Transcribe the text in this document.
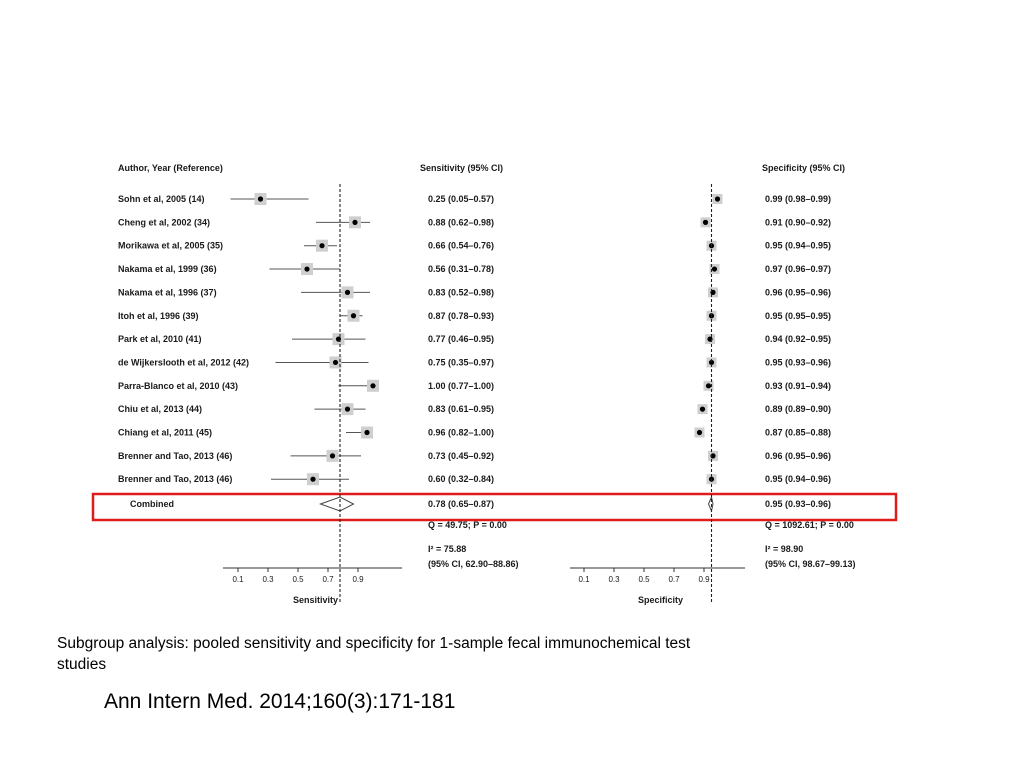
Author, Year (Reference)	Sensitivity (95% CI)	Specificity (95% CI)
Sohn et al, 2005 (14)	0.25 (0.05–0.57)	0.99 (0.98–0.99)
Cheng et al, 2002 (34)	0.88 (0.62–0.98)	0.91 (0.90–0.92)
Morikawa et al, 2005 (35)	0.66 (0.54–0.76)	0.95 (0.94–0.95)
Nakama et al, 1999 (36)	0.56 (0.31–0.78)	0.97 (0.96–0.97)
Nakama et al, 1996 (37)	0.83 (0.52–0.98)	0.96 (0.95–0.96)
Itoh et al, 1996 (39)	0.87 (0.78–0.93)	0.95 (0.95–0.95)
Park et al, 2010 (41)	0.77 (0.46–0.95)	0.94 (0.92–0.95)
de Wijkerslooth et al, 2012 (42)	0.75 (0.35–0.97)	0.95 (0.93–0.96)
Parra-Blanco et al, 2010 (43)	1.00 (0.77–1.00)	0.93 (0.91–0.94)
Chiu et al, 2013 (44)	0.83 (0.61–0.95)	0.89 (0.89–0.90)
Chiang et al, 2011 (45)	0.96 (0.82–1.00)	0.87 (0.85–0.88)
Brenner and Tao, 2013 (46)	0.73 (0.45–0.92)	0.96 (0.95–0.96)
Brenner and Tao, 2013 (46)	0.60 (0.32–0.84)	0.95 (0.94–0.96)
Combined	0.78 (0.65–0.87)	0.95 (0.93–0.96)
Q = 49.75; P = 0.00
I² = 75.88
(95% CI, 62.90–88.86)
Q = 1092.61; P = 0.00
I² = 98.90
(95% CI, 98.67–99.13)
0.1 0.3 0.5 0.7 0.9
Sensitivity
0.1 0.3 0.5 0.7 0.9
Specificity

Subgroup analysis: pooled sensitivity and specificity for 1-sample fecal immunochemical test studies

Ann Intern Med. 2014;160(3):171-181
